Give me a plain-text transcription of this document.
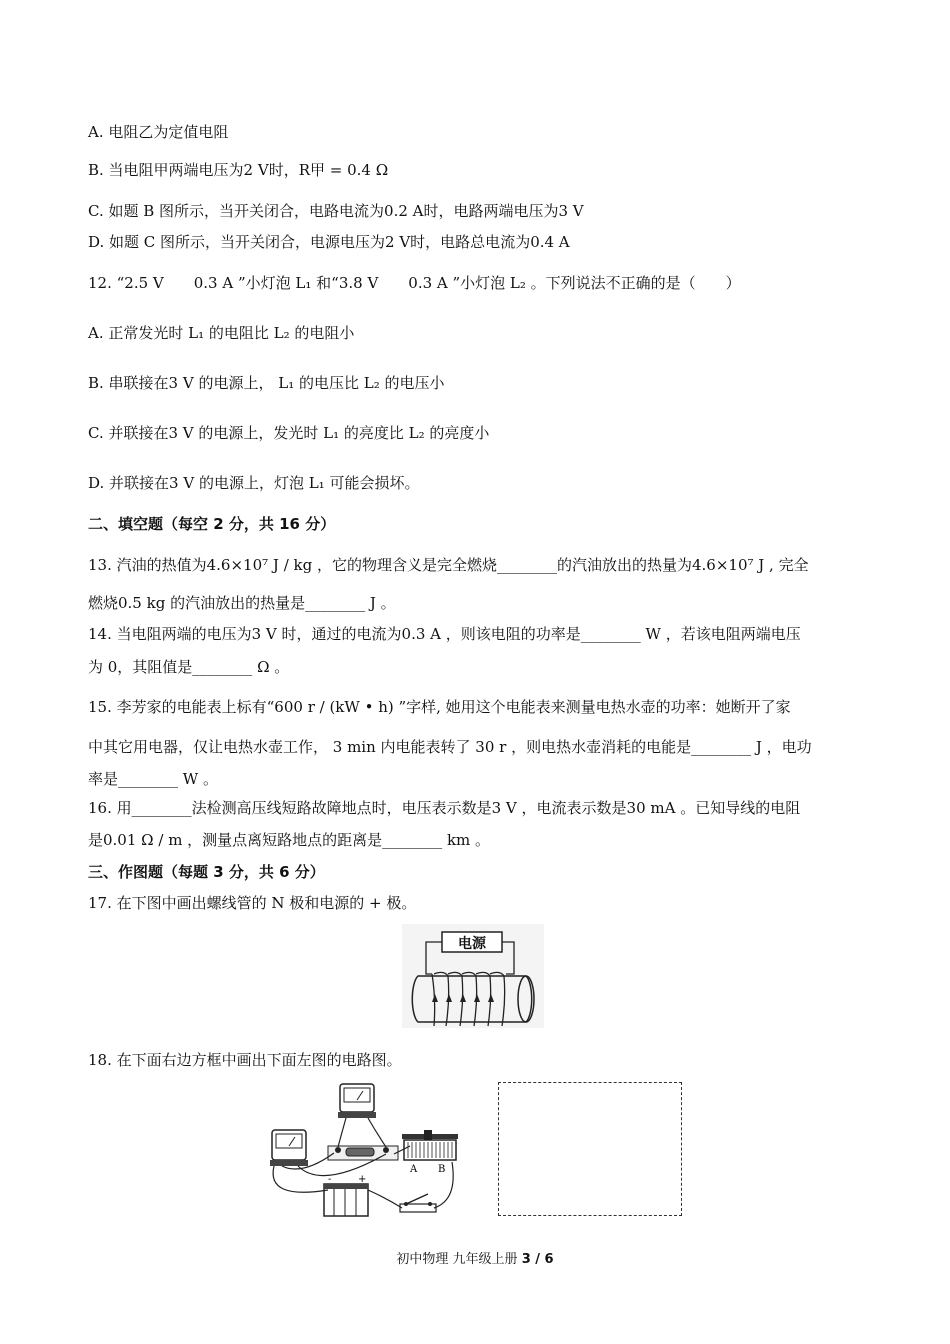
A. 电阻乙为定值电阻
B. 当电阻甲两端电压为2 V时，R甲 = 0.4 Ω
C. 如题 B 图所示，当开关闭合，电路电流为0.2 A时，电路两端电压为3 V
D. 如题 C 图所示，当开关闭合，电源电压为2 V时，电路总电流为0.4 A
12. “2.5 V　　0.3 A ”小灯泡 L₁ 和“3.8 V　　0.3 A ”小灯泡 L₂ 。下列说法不正确的是（　　）
A. 正常发光时 L₁ 的电阻比 L₂ 的电阻小
B. 串联接在3 V 的电源上， L₁ 的电压比 L₂ 的电压小
C. 并联接在3 V 的电源上，发光时 L₁ 的亮度比 L₂ 的亮度小
D. 并联接在3 V 的电源上，灯泡 L₁ 可能会损坏。
二、填空题（每空 2 分，共 16 分）
13. 汽油的热值为4.6×10⁷ J / kg ，它的物理含义是完全燃烧________的汽油放出的热量为4.6×10⁷ J , 完全
燃烧0.5 kg 的汽油放出的热量是________ J 。
14. 当电阻两端的电压为3 V 时，通过的电流为0.3 A ，则该电阻的功率是________ W ，若该电阻两端电压
为 0，其阻值是________ Ω 。
15. 李芳家的电能表上标有“600 r / (kW • h) ”字样, 她用这个电能表来测量电热水壶的功率：她断开了家
中其它用电器，仅让电热水壶工作， 3 min 内电能表转了 30 r ，则电热水壶消耗的电能是________ J ，电功
率是________ W 。
16. 用________法检测高压线短路故障地点时，电压表示数是3 V ，电流表示数是30 mA 。已知导线的电阻
是0.01 Ω / m ，测量点离短路地点的距离是________ km 。
三、作图题（每题 3 分，共 6 分）
17. 在下图中画出螺线管的 N 极和电源的 + 极。
电源
18. 在下面右边方框中画出下面左图的电路图。
A B
-	+
初中物理 九年级上册 3 / 6
